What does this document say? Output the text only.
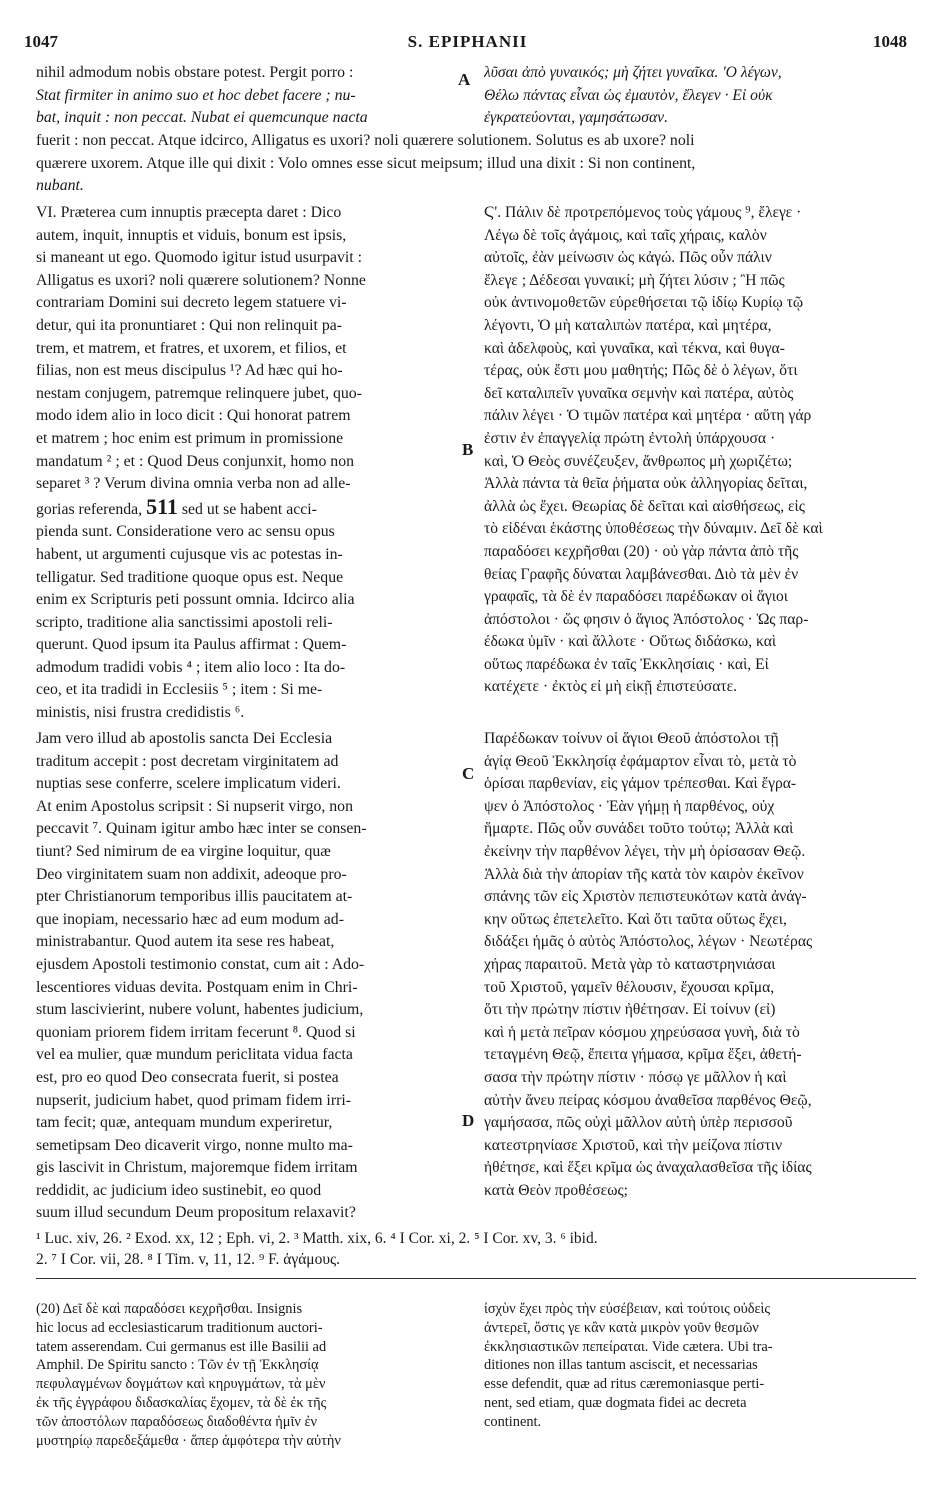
1047	S. EPIPHANII	1048
A
B
C
D
nihil admodum nobis obstare potest. Pergit porro :
Stat firmiter in animo suo et hoc debet facere ; nu-
bat, inquit : non peccat. Nubat ei quemcunque nacta
λῦσαι ἀπὸ γυναικός; μὴ ζήτει γυναῖκα. 'Ο λέγων,
Θέλω πάντας εἶναι ὡς ἐμαυτὸν, ἔλεγεν · Εἰ οὐκ
ἐγκρατεύονται, γαμησάτωσαν.
fuerit : non peccat. Atque idcirco, Alligatus es uxori? noli quærere solutionem. Solutus es ab uxore? noli
quærere uxorem. Atque ille qui dixit : Volo omnes esse sicut meipsum; illud una dixit : Si non continent,
nubant.
VI. Præterea cum innuptis præcepta daret : Dico
autem, inquit, innuptis et viduis, bonum est ipsis,
si maneant ut ego. Quomodo igitur istud usurpavit :
Alligatus es uxori? noli quærere solutionem? Nonne
contrariam Domini sui decreto legem statuere vi-
detur, qui ita pronuntiaret : Qui non relinquit pa-
trem, et matrem, et fratres, et uxorem, et filios, et
filias, non est meus discipulus ¹? Ad hæc qui ho-
nestam conjugem, patremque relinquere jubet, quo-
modo idem alio in loco dicit : Qui honorat patrem
et matrem ; hoc enim est primum in promissione
mandatum ² ; et : Quod Deus conjunxit, homo non
separet ³ ? Verum divina omnia verba non ad alle-
gorias referenda, 511 sed ut se habent acci-
pienda sunt. Consideratione vero ac sensu opus
habent, ut argumenti cujusque vis ac potestas in-
telligatur. Sed traditione quoque opus est. Neque
enim ex Scripturis peti possunt omnia. Idcirco alia
scripto, traditione alia sanctissimi apostoli reli-
querunt. Quod ipsum ita Paulus affirmat : Quem-
admodum tradidi vobis ⁴ ; item alio loco : Ita do-
ceo, et ita tradidi in Ecclesiis ⁵ ; item : Si me-
ministis, nisi frustra credidistis ⁶.
Ϛ'. Πάλιν δὲ προτρεπόμενος τοὺς γάμους ⁹, ἔλεγε ·
Λέγω δὲ τοῖς ἀγάμοις, καὶ ταῖς χήραις, καλὸν
αὐτοῖς, ἐὰν μείνωσιν ὡς κἀγώ. Πῶς οὖν πάλιν
ἔλεγε ; Δέδεσαι γυναικί; μὴ ζήτει λύσιν ; Ἢ πῶς
οὐκ ἀντινομοθετῶν εὑρεθήσεται τῷ ἰδίῳ Κυρίῳ τῷ
λέγοντι, Ὁ μὴ καταλιπὼν πατέρα, καὶ μητέρα,
καὶ ἀδελφοὺς, καὶ γυναῖκα, καὶ τέκνα, καὶ θυγα-
τέρας, οὐκ ἔστι μου μαθητής; Πῶς δὲ ὁ λέγων, ὅτι
δεῖ καταλιπεῖν γυναῖκα σεμνὴν καὶ πατέρα, αὐτὸς
πάλιν λέγει · Ὁ τιμῶν πατέρα καὶ μητέρα · αὕτη γάρ
ἐστιν ἐν ἐπαγγελίᾳ πρώτη ἐντολὴ ὑπάρχουσα ·
καὶ, Ὁ Θεὸς συνέζευξεν, ἄνθρωπος μὴ χωριζέτω;
Ἀλλὰ πάντα τὰ θεῖα ῥήματα οὐκ ἀλληγορίας δεῖται,
ἀλλὰ ὡς ἔχει. Θεωρίας δὲ δεῖται καὶ αἰσθήσεως, εἰς
τὸ εἰδέναι ἑκάστης ὑποθέσεως τὴν δύναμιν. Δεῖ δὲ καὶ
παραδόσει κεχρῆσθαι (20) · οὐ γὰρ πάντα ἀπὸ τῆς
θείας Γραφῆς δύναται λαμβάνεσθαι. Διὸ τὰ μὲν ἐν
γραφαῖς, τὰ δὲ ἐν παραδόσει παρέδωκαν οἱ ἅγιοι
ἀπόστολοι · ὥς φησιν ὁ ἅγιος Ἀπόστολος · Ὡς παρ-
έδωκα ὑμῖν · καὶ ἄλλοτε · Οὕτως διδάσκω, καὶ
οὕτως παρέδωκα ἐν ταῖς Ἐκκλησίαις · καὶ, Εἰ
κατέχετε · ἐκτὸς εἰ μὴ εἰκῇ ἐπιστεύσατε.
Jam vero illud ab apostolis sancta Dei Ecclesia
traditum accepit : post decretam virginitatem ad
nuptias sese conferre, scelere implicatum videri.
At enim Apostolus scripsit : Si nupserit virgo, non
peccavit ⁷. Quinam igitur ambo hæc inter se consen-
tiunt? Sed nimirum de ea virgine loquitur, quæ
Deo virginitatem suam non addixit, adeoque pro-
pter Christianorum temporibus illis paucitatem at-
que inopiam, necessario hæc ad eum modum ad-
ministrabantur. Quod autem ita sese res habeat,
ejusdem Apostoli testimonio constat, cum ait : Ado-
lescentiores viduas devita. Postquam enim in Chri-
stum lascivierint, nubere volunt, habentes judicium,
quoniam priorem fidem irritam fecerunt ⁸. Quod si
vel ea mulier, quæ mundum periclitata vidua facta
est, pro eo quod Deo consecrata fuerit, si postea
nupserit, judicium habet, quod primam fidem irri-
tam fecit; quæ, antequam mundum experiretur,
semetipsam Deo dicaverit virgo, nonne multo ma-
gis lascivit in Christum, majoremque fidem irritam
reddidit, ac judicium ideo sustinebit, eo quod
suum illud secundum Deum propositum relaxavit?
Παρέδωκαν τοίνυν οἱ ἅγιοι Θεοῦ ἀπόστολοι τῇ
ἁγίᾳ Θεοῦ Ἐκκλησίᾳ ἐφάμαρτον εἶναι τὸ, μετὰ τὸ
ὁρίσαι παρθενίαν, εἰς γάμον τρέπεσθαι. Καὶ ἔγρα-
ψεν ὁ Ἀπόστολος · Ἐὰν γήμῃ ἡ παρθένος, οὐχ
ἥμαρτε. Πῶς οὖν συνάδει τοῦτο τούτῳ; Ἀλλὰ καὶ
ἐκείνην τὴν παρθένον λέγει, τὴν μὴ ὁρίσασαν Θεῷ.
Ἀλλὰ διὰ τὴν ἀπορίαν τῆς κατὰ τὸν καιρὸν ἐκεῖνον
σπάνης τῶν εἰς Χριστὸν πεπιστευκότων κατὰ ἀνάγ-
κην οὕτως ἐπετελεῖτο. Καὶ ὅτι ταῦτα οὕτως ἔχει,
διδάξει ἡμᾶς ὁ αὐτὸς Ἀπόστολος, λέγων · Νεωτέρας
χήρας παραιτοῦ. Μετὰ γὰρ τὸ καταστρηνιάσαι
τοῦ Χριστοῦ, γαμεῖν θέλουσιν, ἔχουσαι κρῖμα,
ὅτι τὴν πρώτην πίστιν ἠθέτησαν. Εἰ τοίνυν (εἰ)
καὶ ἡ μετὰ πεῖραν κόσμου χηρεύσασα γυνὴ, διὰ τὸ
τεταγμένη Θεῷ, ἔπειτα γήμασα, κρῖμα ἔξει, ἀθετή-
σασα τὴν πρώτην πίστιν · πόσῳ γε μᾶλλον ἡ καὶ
αὐτὴν ἄνευ πείρας κόσμου ἀναθεῖσα παρθένος Θεῷ,
γαμήσασα, πῶς οὐχὶ μᾶλλον αὐτὴ ὑπὲρ περισσοῦ
κατεστρηνίασε Χριστοῦ, καὶ τὴν μείζονα πίστιν
ἠθέτησε, καὶ ἕξει κρῖμα ὡς ἀναχαλασθεῖσα τῆς ἰδίας
κατὰ Θεὸν προθέσεως;
¹ Luc. xiv, 26. ² Exod. xx, 12 ; Eph. vi, 2. ³ Matth. xix, 6. ⁴ I Cor. xi, 2. ⁵ I Cor. xv, 3. ⁶ ibid.
2. ⁷ I Cor. vii, 28. ⁸ I Tim. v, 11, 12. ⁹ F. ἀγάμους.
(20) Δεῖ δὲ καὶ παραδόσει κεχρῆσθαι. Insignis
hic locus ad ecclesiasticarum traditionum auctori-
tatem asserendam. Cui germanus est ille Basilii ad
Amphil. De Spiritu sancto : Τῶν ἐν τῇ Ἐκκλησίᾳ
πεφυλαγμένων δογμάτων καὶ κηρυγμάτων, τὰ μὲν
ἐκ τῆς ἐγγράφου διδασκαλίας ἔχομεν, τὰ δὲ ἐκ τῆς
τῶν ἀποστόλων παραδόσεως διαδοθέντα ἡμῖν ἐν
μυστηρίῳ παρεδεξάμεθα · ἅπερ ἀμφότερα τὴν αὐτὴν
ἰσχὺν ἔχει πρὸς τὴν εὐσέβειαν, καὶ τούτοις οὐδεὶς
ἀντερεῖ, ὅστις γε κἂν κατὰ μικρὸν γοῦν θεσμῶν
ἐκκλησιαστικῶν πεπείραται. Vide cætera. Ubi tra-
ditiones non illas tantum asciscit, et necessarias
esse defendit, quæ ad ritus cæremoniasque perti-
nent, sed etiam, quæ dogmata fidei ac decreta
continent.
